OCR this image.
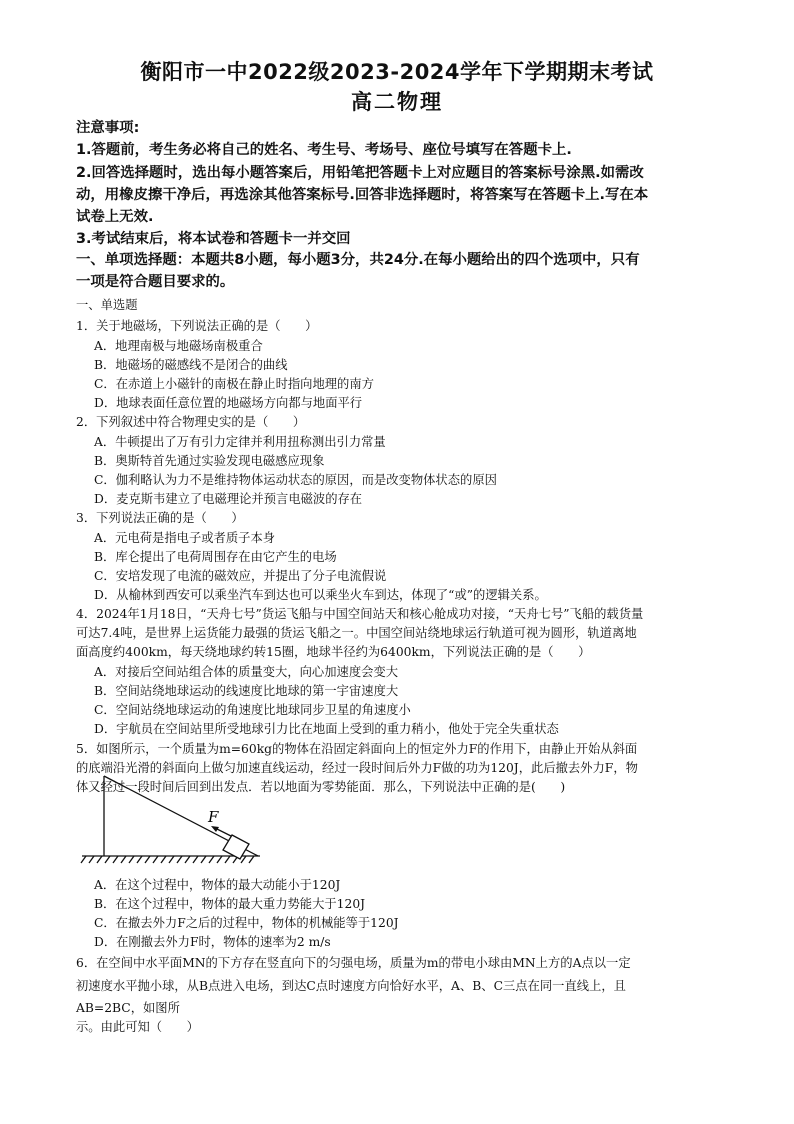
衡阳市一中2022级2023-2024学年下学期期末考试
高二物理
注意事项:
1.答题前，考生务必将自己的姓名、考生号、考场号、座位号填写在答题卡上.
2.回答选择题时，选出每小题答案后，用铅笔把答题卡上对应题目的答案标号涂黑.如需改
动，用橡皮擦干净后，再选涂其他答案标号.回答非选择题时，将答案写在答题卡上.写在本
试卷上无效.
3.考试结束后，将本试卷和答题卡一并交回
一、单项选择题：本题共8小题，每小题3分，共24分.在每小题给出的四个选项中，只有
一项是符合题目要求的。
一、单选题
1．关于地磁场，下列说法正确的是（　　）
A．地理南极与地磁场南极重合
B．地磁场的磁感线不是闭合的曲线
C．在赤道上小磁针的南极在静止时指向地理的南方
D．地球表面任意位置的地磁场方向都与地面平行
2．下列叙述中符合物理史实的是（　　）
A．牛顿提出了万有引力定律并利用扭称测出引力常量
B．奥斯特首先通过实验发现电磁感应现象
C．伽利略认为力不是维持物体运动状态的原因，而是改变物体状态的原因
D．麦克斯韦建立了电磁理论并预言电磁波的存在
3．下列说法正确的是（　　）
A．元电荷是指电子或者质子本身
B．库仑提出了电荷周围存在由它产生的电场
C．安培发现了电流的磁效应，并提出了分子电流假说
D．从榆林到西安可以乘坐汽车到达也可以乘坐火车到达，体现了“或”的逻辑关系。
4．2024年1月18日，“天舟七号”货运飞船与中国空间站天和核心舱成功对接，“天舟七号”飞船的载货量
可达7.4吨，是世界上运货能力最强的货运飞船之一。中国空间站绕地球运行轨道可视为圆形，轨道离地
面高度约400km，每天绕地球约转15圈，地球半径约为6400km，下列说法正确的是（　　）
A．对接后空间站组合体的质量变大，向心加速度会变大
B．空间站绕地球运动的线速度比地球的第一宇宙速度大
C．空间站绕地球运动的角速度比地球同步卫星的角速度小
D．宇航员在空间站里所受地球引力比在地面上受到的重力稍小，他处于完全失重状态
5．如图所示，一个质量为m=60kg的物体在沿固定斜面向上的恒定外力F的作用下，由静止开始从斜面
的底端沿光滑的斜面向上做匀加速直线运动，经过一段时间后外力F做的功为120J，此后撤去外力F，物
体又经过一段时间后回到出发点．若以地面为零势能面．那么，下列说法中正确的是(　　)
F
A．在这个过程中，物体的最大动能小于120J
B．在这个过程中，物体的最大重力势能大于120J
C．在撤去外力F之后的过程中，物体的机械能等于120J
D．在刚撤去外力F时，物体的速率为2 m/s
6．在空间中水平面MN的下方存在竖直向下的匀强电场，质量为m的带电小球由MN上方的A点以一定
初速度水平抛小球，从B点进入电场，到达C点时速度方向恰好水平，A、B、C三点在同一直线上，且
AB=2BC，如图所
示。由此可知（　　）
